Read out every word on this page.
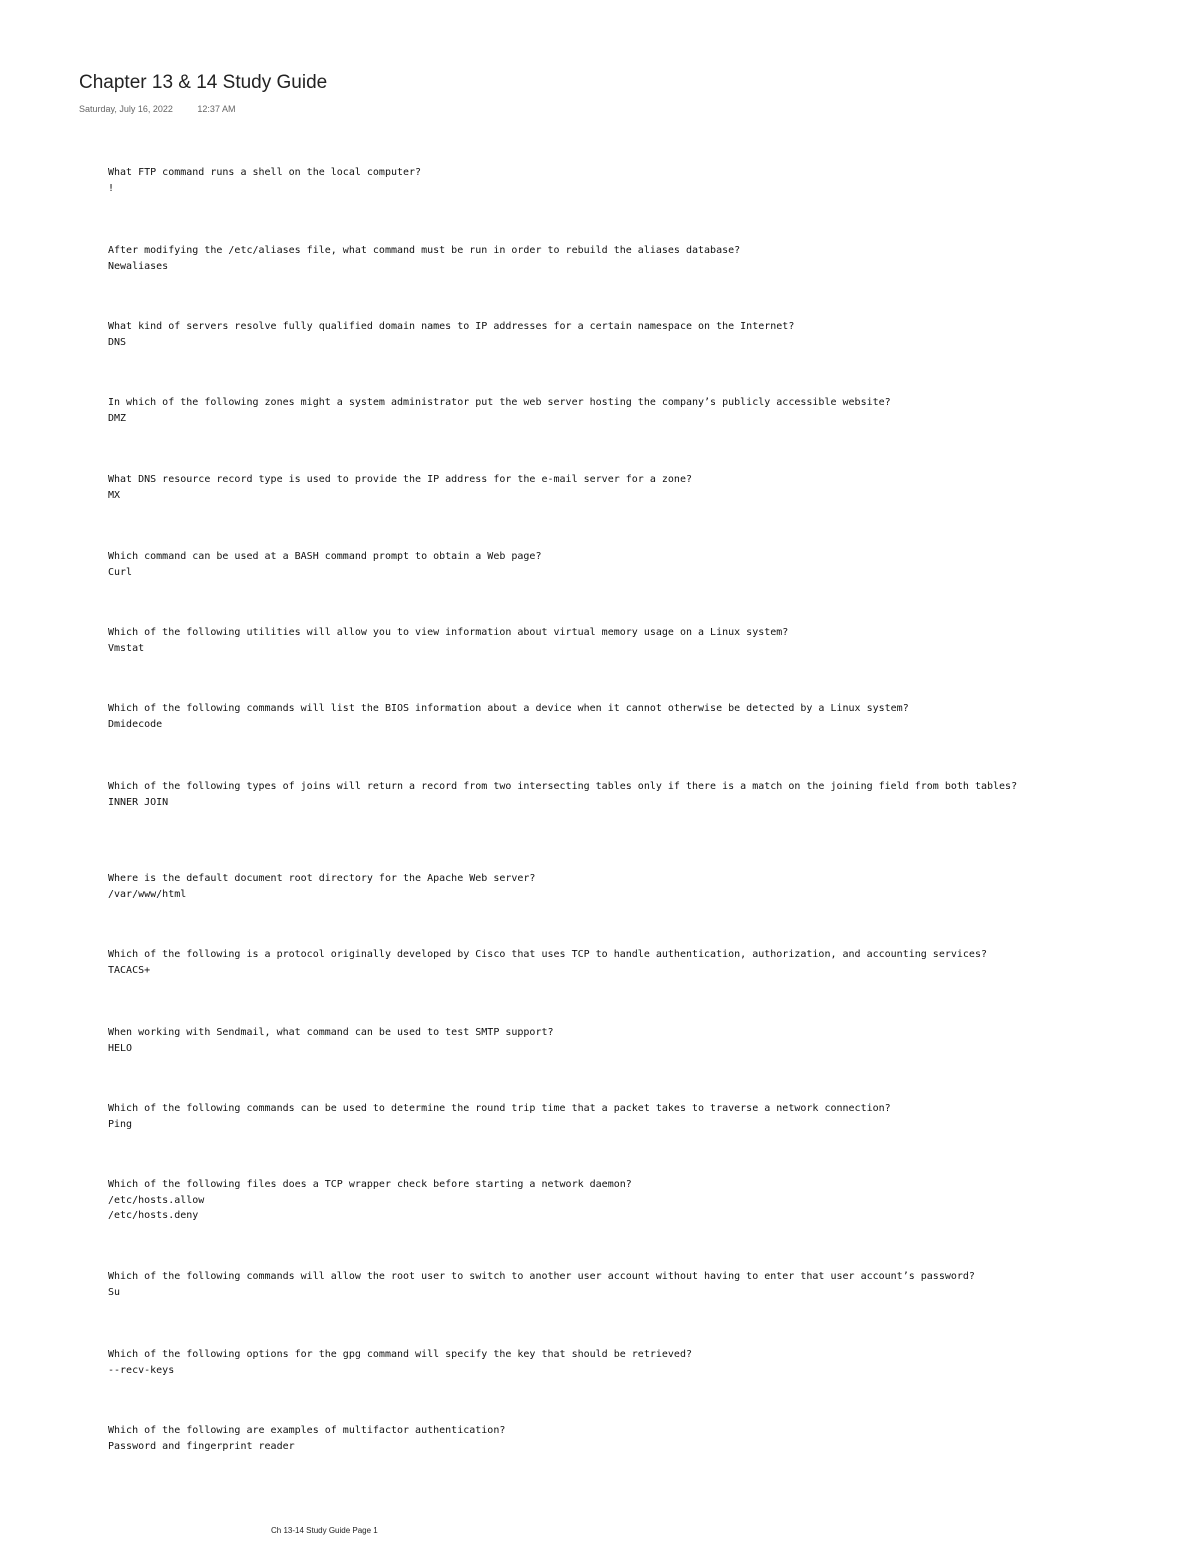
Chapter 13 & 14 Study Guide
Saturday, July 16, 2022	12:37 AM
What FTP command runs a shell on the local computer?
!
After modifying the /etc/aliases file, what command must be run in order to rebuild the aliases database?
Newaliases
What kind of servers resolve fully qualified domain names to IP addresses for a certain namespace on the Internet?
DNS
In which of the following zones might a system administrator put the web server hosting the company’s publicly accessible website?
DMZ
What DNS resource record type is used to provide the IP address for the e-mail server for a zone?
MX
Which command can be used at a BASH command prompt to obtain a Web page?
Curl
Which of the following utilities will allow you to view information about virtual memory usage on a Linux system?
Vmstat
Which of the following commands will list the BIOS information about a device when it cannot otherwise be detected by a Linux system?
Dmidecode
Which of the following types of joins will return a record from two intersecting tables only if there is a match on the joining field from both tables?
INNER JOIN
Where is the default document root directory for the Apache Web server?
/var/www/html
Which of the following is a protocol originally developed by Cisco that uses TCP to handle authentication, authorization, and accounting services?
TACACS+
When working with Sendmail, what command can be used to test SMTP support?
HELO
Which of the following commands can be used to determine the round trip time that a packet takes to traverse a network connection?
Ping
Which of the following files does a TCP wrapper check before starting a network daemon?
/etc/hosts.allow
/etc/hosts.deny
Which of the following commands will allow the root user to switch to another user account without having to enter that user account’s password?
Su
Which of the following options for the gpg command will specify the key that should be retrieved?
--recv-keys
Which of the following are examples of multifactor authentication?
Password and fingerprint reader
Ch 13-14 Study Guide Page 1
